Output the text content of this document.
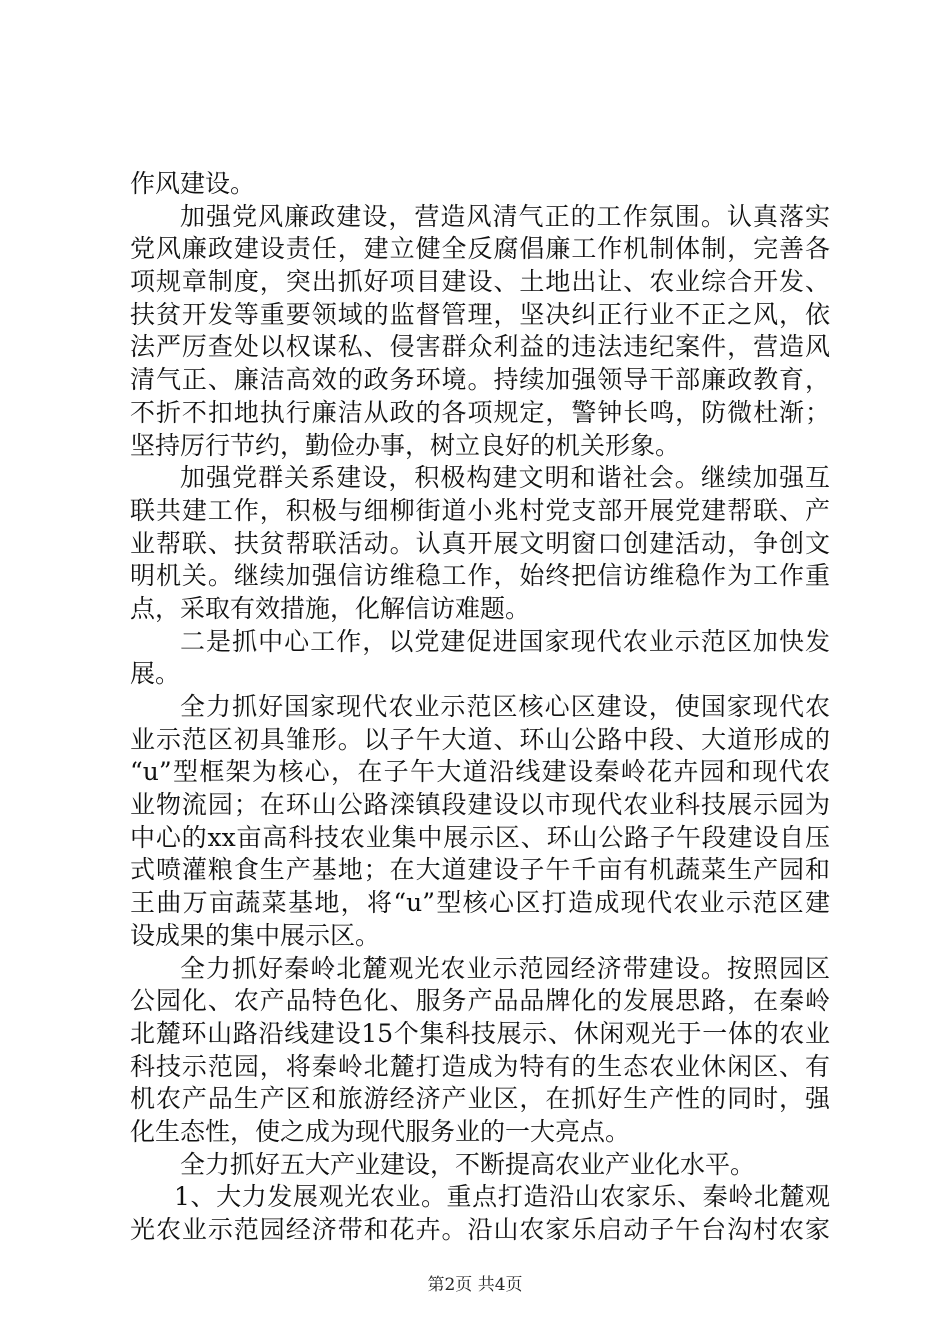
作风建设。
加强党风廉政建设，营造风清气正的工作氛围。认真落实
党风廉政建设责任，建立健全反腐倡廉工作机制体制，完善各
项规章制度，突出抓好项目建设、土地出让、农业综合开发、
扶贫开发等重要领域的监督管理，坚决纠正行业不正之风，依
法严厉查处以权谋私、侵害群众利益的违法违纪案件，营造风
清气正、廉洁高效的政务环境。持续加强领导干部廉政教育，
不折不扣地执行廉洁从政的各项规定，警钟长鸣，防微杜渐；
坚持厉行节约，勤俭办事，树立良好的机关形象。
加强党群关系建设，积极构建文明和谐社会。继续加强互
联共建工作，积极与细柳街道小兆村党支部开展党建帮联、产
业帮联、扶贫帮联活动。认真开展文明窗口创建活动，争创文
明机关。继续加强信访维稳工作，始终把信访维稳作为工作重
点，采取有效措施，化解信访难题。
二是抓中心工作，以党建促进国家现代农业示范区加快发
展。
全力抓好国家现代农业示范区核心区建设，使国家现代农
业示范区初具雏形。以子午大道、环山公路中段、大道形成的
“u”型框架为核心，在子午大道沿线建设秦岭花卉园和现代农
业物流园；在环山公路滦镇段建设以市现代农业科技展示园为
中心的xx亩高科技农业集中展示区、环山公路子午段建设自压
式喷灌粮食生产基地；在大道建设子午千亩有机蔬菜生产园和
王曲万亩蔬菜基地，将“u”型核心区打造成现代农业示范区建
设成果的集中展示区。
全力抓好秦岭北麓观光农业示范园经济带建设。按照园区
公园化、农产品特色化、服务产品品牌化的发展思路，在秦岭
北麓环山路沿线建设15个集科技展示、休闲观光于一体的农业
科技示范园，将秦岭北麓打造成为特有的生态农业休闲区、有
机农产品生产区和旅游经济产业区，在抓好生产性的同时，强
化生态性，使之成为现代服务业的一大亮点。
全力抓好五大产业建设，不断提高农业产业化水平。
1、大力发展观光农业。重点打造沿山农家乐、秦岭北麓观
光农业示范园经济带和花卉。沿山农家乐启动子午台沟村农家
第2页 共4页
